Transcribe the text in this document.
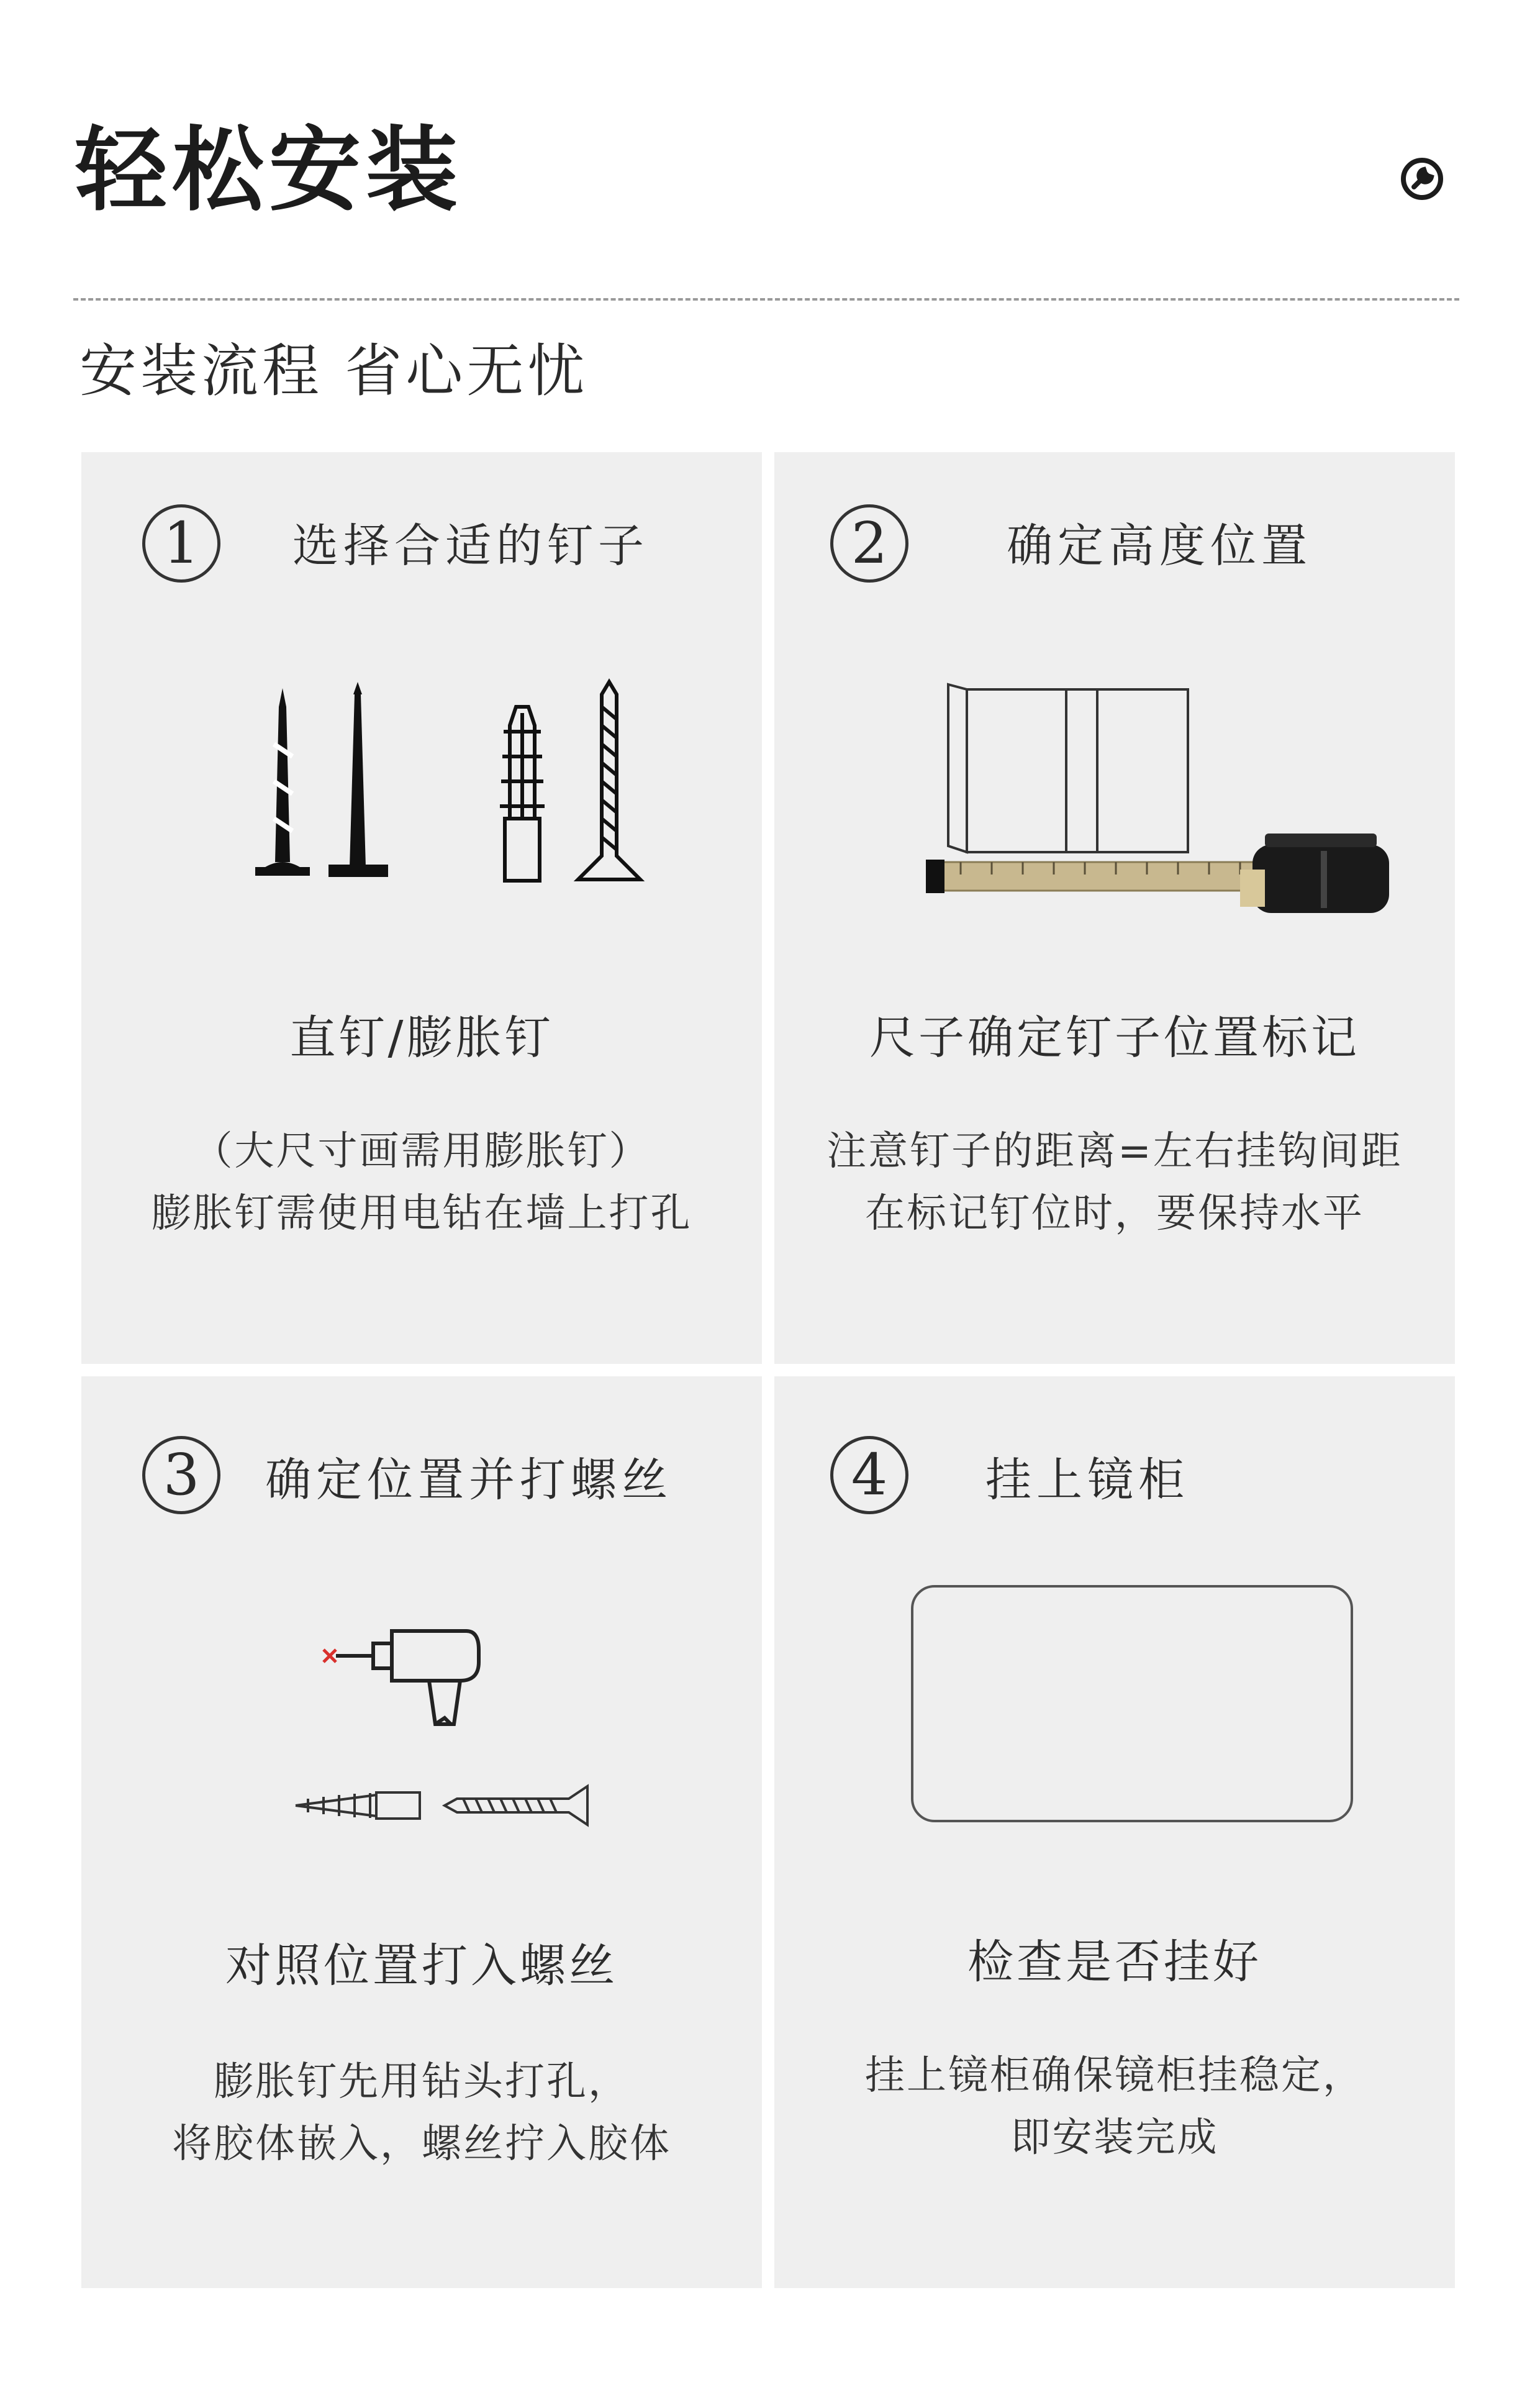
轻松安装
安装流程 省心无忧
1	选择合适的钉子
直钉/膨胀钉
（大尺寸画需用膨胀钉）
膨胀钉需使用电钻在墙上打孔
2	确定高度位置
尺子确定钉子位置标记
注意钉子的距离=左右挂钩间距
在标记钉位时，要保持水平
3	确定位置并打螺丝
对照位置打入螺丝
膨胀钉先用钻头打孔，
将胶体嵌入，螺丝拧入胶体
4	挂上镜柜
检查是否挂好
挂上镜柜确保镜柜挂稳定，
即安装完成
